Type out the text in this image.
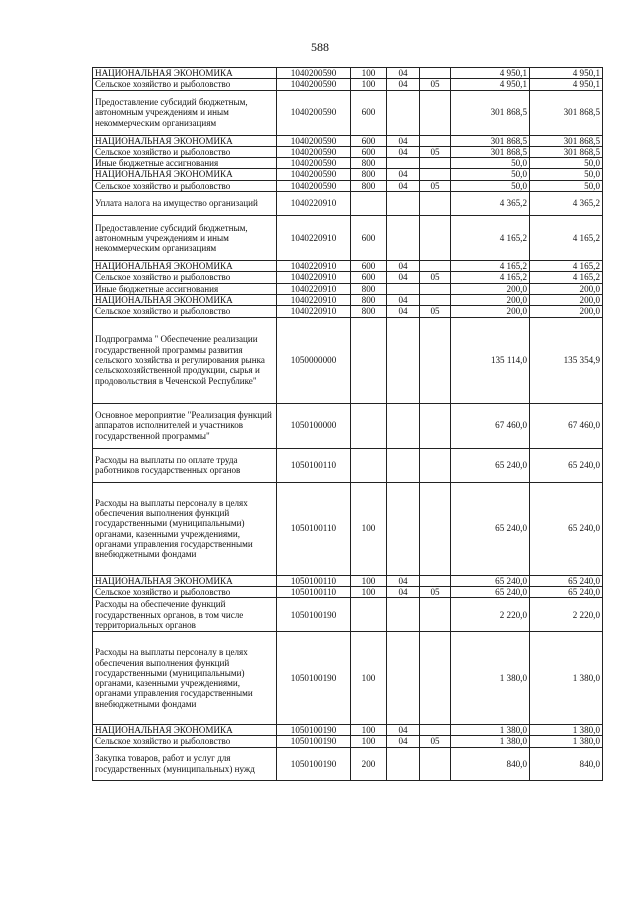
588
НАЦИОНАЛЬНАЯ ЭКОНОМИКА	1040200590	100	04		4 950,1	4 950,1
Сельское хозяйство и рыболовство	1040200590	100	04	05	4 950,1	4 950,1
Предоставление субсидий бюджетным, автономным учреждениям и иным некоммерческим организациям	1040200590	600			301 868,5	301 868,5
НАЦИОНАЛЬНАЯ ЭКОНОМИКА	1040200590	600	04		301 868,5	301 868,5
Сельское хозяйство и рыболовство	1040200590	600	04	05	301 868,5	301 868,5
Иные бюджетные ассигнования	1040200590	800			50,0	50,0
НАЦИОНАЛЬНАЯ ЭКОНОМИКА	1040200590	800	04		50,0	50,0
Сельское хозяйство и рыболовство	1040200590	800	04	05	50,0	50,0
Уплата налога на имущество организаций	1040220910				4 365,2	4 365,2
Предоставление субсидий бюджетным, автономным учреждениям и иным некоммерческим организациям	1040220910	600			4 165,2	4 165,2
НАЦИОНАЛЬНАЯ ЭКОНОМИКА	1040220910	600	04		4 165,2	4 165,2
Сельское хозяйство и рыболовство	1040220910	600	04	05	4 165,2	4 165,2
Иные бюджетные ассигнования	1040220910	800			200,0	200,0
НАЦИОНАЛЬНАЯ ЭКОНОМИКА	1040220910	800	04		200,0	200,0
Сельское хозяйство и рыболовство	1040220910	800	04	05	200,0	200,0
Подпрограмма " Обеспечение реализации государственной программы развития сельского хозяйства и регулирования рынка сельскохозяйственной продукции, сырья и продовольствия в Чеченской Республике"	1050000000				135 114,0	135 354,9
Основное мероприятие "Реализация функций аппаратов исполнителей и участников государственной программы"	1050100000				67 460,0	67 460,0
Расходы на выплаты по оплате труда работников государственных органов	1050100110				65 240,0	65 240,0
Расходы на выплаты персоналу в целях обеспечения выполнения функций государственными (муниципальными) органами, казенными учреждениями, органами управления государственными внебюджетными фондами	1050100110	100			65 240,0	65 240,0
НАЦИОНАЛЬНАЯ ЭКОНОМИКА	1050100110	100	04		65 240,0	65 240,0
Сельское хозяйство и рыболовство	1050100110	100	04	05	65 240,0	65 240,0
Расходы на обеспечение функций государственных органов, в том числе территориальных органов	1050100190				2 220,0	2 220,0
Расходы на выплаты персоналу в целях обеспечения выполнения функций государственными (муниципальными) органами, казенными учреждениями, органами управления государственными внебюджетными фондами	1050100190	100			1 380,0	1 380,0
НАЦИОНАЛЬНАЯ ЭКОНОМИКА	1050100190	100	04		1 380,0	1 380,0
Сельское хозяйство и рыболовство	1050100190	100	04	05	1 380,0	1 380,0
Закупка товаров, работ и услуг для государственных (муниципальных) нужд	1050100190	200			840,0	840,0
